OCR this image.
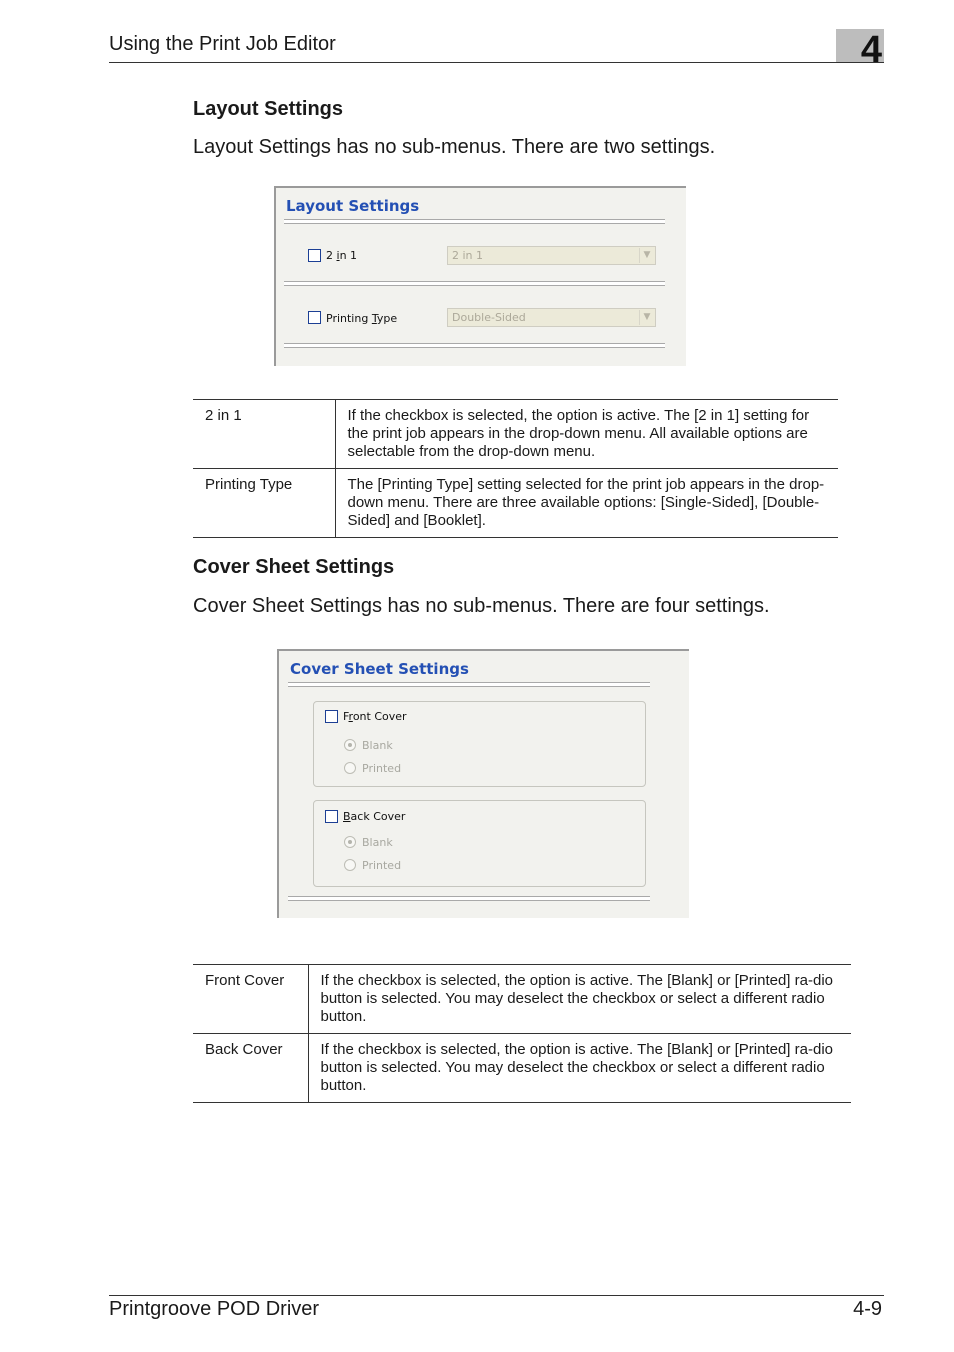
Using the Print Job Editor	4
Layout Settings
Layout Settings has no sub-menus. There are two settings.
Layout Settings
2 in 1	2 in 1	▼
Printing Type	Double-Sided	▼
2 in 1	If the checkbox is selected, the option is active. The [2 in 1] setting for the print job appears in the drop-down menu. All available options are selectable from the drop-down menu.
Printing Type	The [Printing Type] setting selected for the print job appears in the drop-down menu. There are three available options: [Single-Sided], [Double-Sided] and [Booklet].
Cover Sheet Settings
Cover Sheet Settings has no sub-menus. There are four settings.
Cover Sheet Settings
Front Cover
Blank
Printed
Back Cover
Blank
Printed
Front Cover	If the checkbox is selected, the option is active. The [Blank] or [Printed] ra-dio button is selected. You may deselect the checkbox or select a different radio button.
Back Cover	If the checkbox is selected, the option is active. The [Blank] or [Printed] ra-dio button is selected. You may deselect the checkbox or select a different radio button.
Printgroove POD Driver	4-9
